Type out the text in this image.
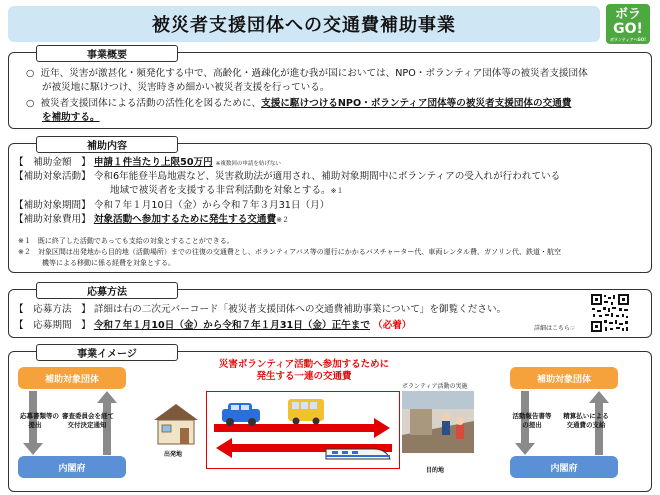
被災者支援団体への交通費補助事業
ボラ
GO!
ボランティアへGO!
事業概要
○ 近年、災害が激甚化・頻発化する中で、高齢化・過疎化が進む我が国においては、NPO・ボランティア団体等の被災者支援団体
が被災地に駆けつけ、災害時きめ細かい被災者支援を行っている。
○ 被災者支援団体による活動の活性化を図るために、支援に駆けつけるNPO・ボランティア団体等の被災者支援団体の交通費
を補助する。
補助内容
【　補助金額　】 申請１件当たり上限50万円 ※複数回の申請を妨げない
【補助対象活動】 令和6年能登半島地震など、災害救助法が適用され、補助対象期間中にボランティアの受入れが行われている
地域で被災者を支援する非営利活動を対象とする。※１
【補助対象期間】 令和７年１月10日（金）から令和７年３月31日（月）
【補助対象費用】 対象活動へ参加するために発生する交通費※２
※１　既に終了した活動であっても支給の対象とすることができる。
※２　対象区間は出発地から目的地（活動場所）までの往復の交通費とし、ボランティアバス等の運行にかかるバスチャーター代、車両レンタル費、ガソリン代、鉄道・航空
機等による移動に係る経費を対象とする。
応募方法
【　応募方法　】 詳細は右の二次元バーコード「被災者支援団体への交通費補助事業について」を御覧ください。
【　応募期間　】 令和７年１月10日（金）から令和７年１月31日（金）正午まで （必着）	詳細はこちら☞
事業イメージ
補助対象団体
内閣府
応募書類等の
提出
審査委員会を経て
交付決定通知
出発地
災害ボランティア活動へ参加するために
発生する一連の交通費
ボランティア活動の実施
目的地
補助対象団体
内閣府
活動報告書等
の提出
精算払いによる
交通費の支給
